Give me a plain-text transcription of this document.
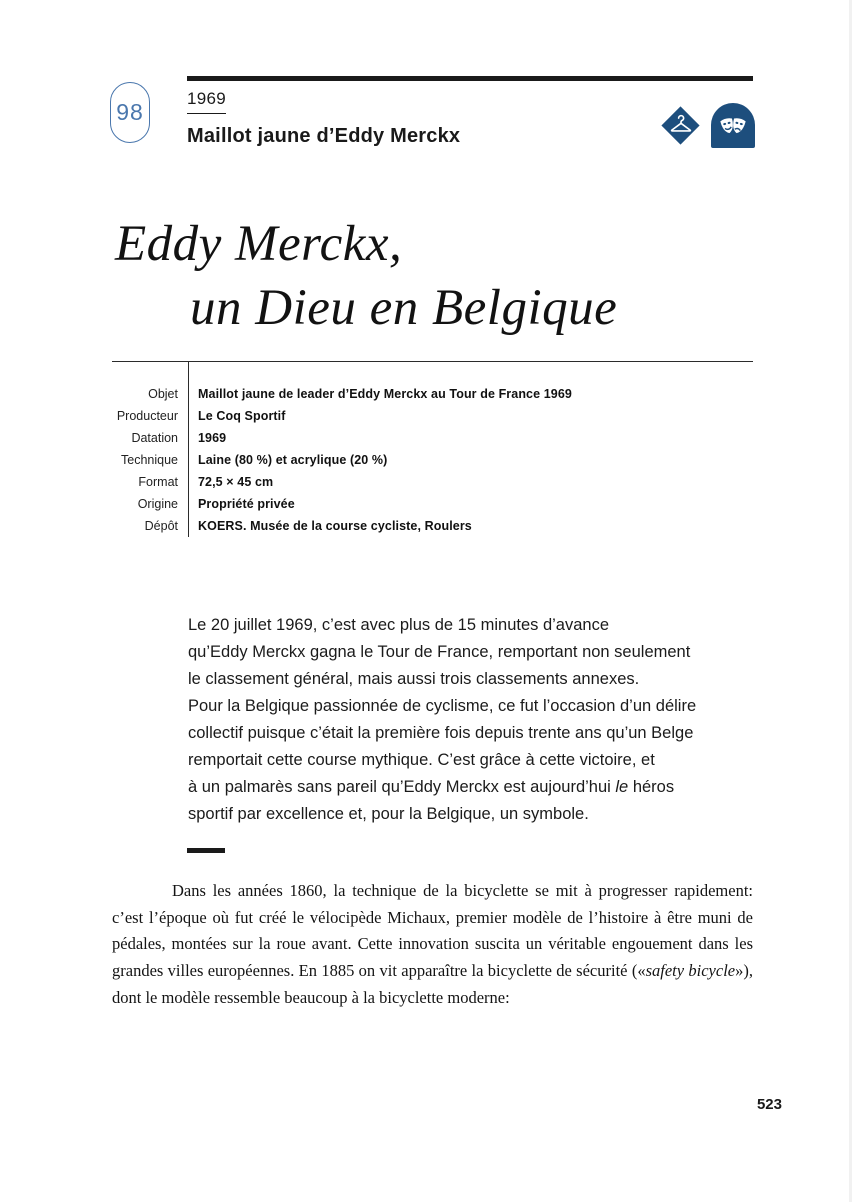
98
1969
Maillot jaune d’Eddy Merckx
Eddy Merckx,
un Dieu en Belgique
Objet Maillot jaune de leader d’Eddy Merckx au Tour de France 1969
Producteur Le Coq Sportif
Datation 1969
Technique Laine (80 %) et acrylique (20 %)
Format 72,5 × 45 cm
Origine Propriété privée
Dépôt KOERS. Musée de la course cycliste, Roulers
Le 20 juillet 1969, c’est avec plus de 15 minutes d’avance
qu’Eddy Merckx gagna le Tour de France, remportant non seulement
le classement général, mais aussi trois classements annexes.
Pour la Belgique passionnée de cyclisme, ce fut l’occasion d’un délire
collectif puisque c’était la première fois depuis trente ans qu’un Belge
remportait cette course mythique. C’est grâce à cette victoire, et
à un palmarès sans pareil qu’Eddy Merckx est aujourd’hui le héros
sportif par excellence et, pour la Belgique, un symbole.

Dans les années 1860, la technique de la bicyclette se mit à progresser rapidement: c’est l’époque où fut créé le vélocipède Michaux, premier modèle de l’histoire à être muni de pédales, montées sur la roue avant. Cette innovation suscita un véritable engouement dans les grandes villes européennes. En 1885 on vit apparaître la bicyclette de sécurité («safety bicycle»), dont le modèle ressemble beaucoup à la bicyclette moderne:

523
